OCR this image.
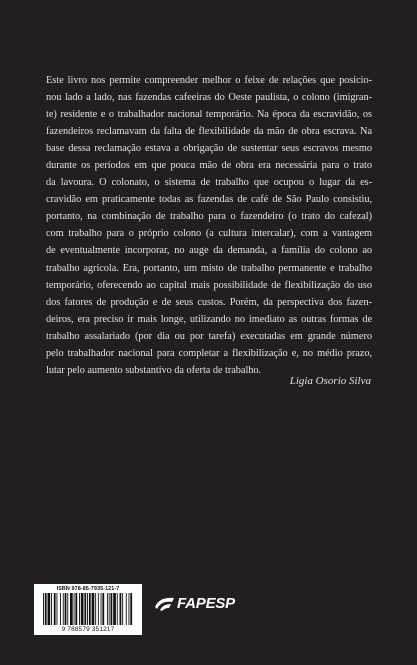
Este livro nos permite compreender melhor o feixe de relações que posicio-
nou lado a lado, nas fazendas cafeeiras do Oeste paulista, o colono (imigran-
te) residente e o trabalhador nacional temporário. Na época da escravidão, os
fazendeiros reclamavam da falta de flexibilidade da mão de obra escrava. Na
base dessa reclamação estava a obrigação de sustentar seus escravos mesmo
durante os períodos em que pouca mão de obra era necessária para o trato
da lavoura. O colonato, o sistema de trabalho que ocupou o lugar da es-
cravidão em praticamente todas as fazendas de café de São Paulo consistiu,
portanto, na combinação de trabalho para o fazendeiro (o trato do cafezal)
com trabalho para o próprio colono (a cultura intercalar), com a vantagem
de eventualmente incorporar, no auge da demanda, a família do colono ao
trabalho agrícola. Era, portanto, um misto de trabalho permanente e trabalho
temporário, oferecendo ao capital mais possibilidade de flexibilização do uso
dos fatores de produção e de seus custos. Porém, da perspectiva dos fazen-
deiros, era preciso ir mais longe, utilizando no imediato as outras formas de
trabalho assalariado (por dia ou por tarefa) executadas em grande número
pelo trabalhador nacional para completar a flexibilização e, no médio prazo,
lutar pelo aumento substantivo da oferta de trabalho.
Ligia Osorio Silva
ISBN 978-85-7935-121-7
9 788579 351217
FAPESP
